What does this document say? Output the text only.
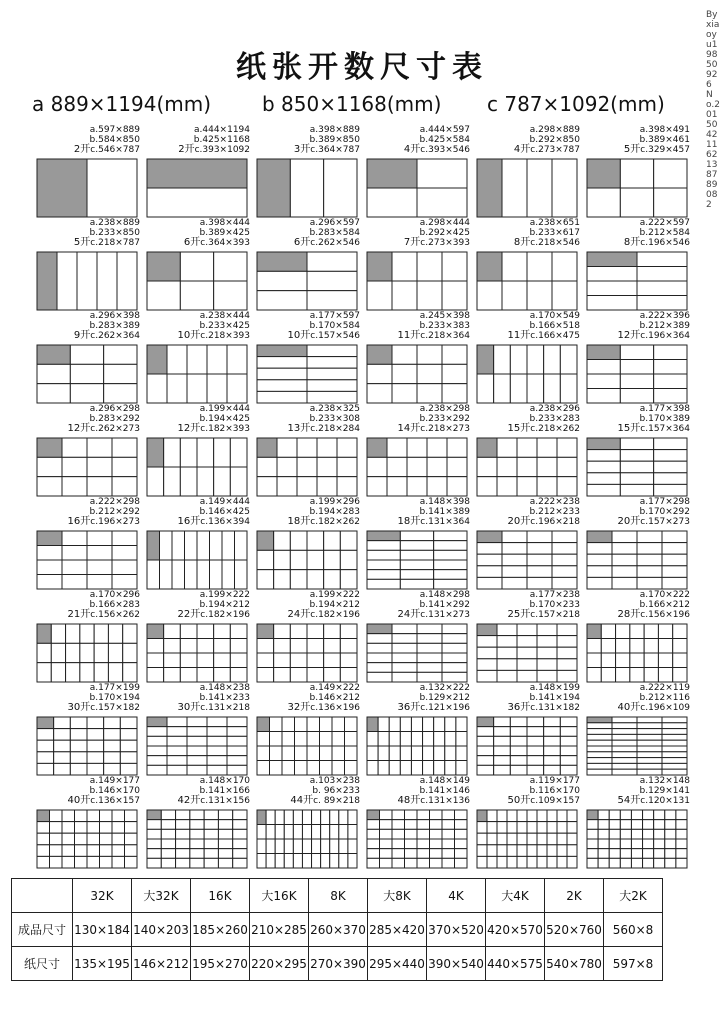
纸张开数尺寸表
a 889×1194(mm)	b 850×1168(mm) c 787×1092(mm)
Byxiaoyu19850926 No.20150421162138789082
a.597×889
b.584×850
2开c.546×787
a.444×1194
b.425×1168
2开c.393×1092
a.398×889
b.389×850
3开c.364×787
a.444×597
b.425×584
4开c.393×546
a.298×889
b.292×850
4开c.273×787
a.398×491
b.389×461
5开c.329×457
a.238×889
b.233×850
5开c.218×787
a.398×444
b.389×425
6开c.364×393
a.296×597
b.283×584
6开c.262×546
a.298×444
b.292×425
7开c.273×393
a.238×651
b.233×617
8开c.218×546
a.222×597
b.212×584
8开c.196×546
a.296×398
b.283×389
9开c.262×364
a.238×444
b.233×425
10开c.218×393
a.177×597
b.170×584
10开c.157×546
a.245×398
b.233×383
11开c.218×364
a.170×549
b.166×518
11开c.166×475
a.222×396
b.212×389
12开c.196×364
a.296×298
b.283×292
12开c.262×273
a.199×444
b.194×425
12开c.182×393
a.238×325
b.233×308
13开c.218×284
a.238×298
b.233×292
14开c.218×273
a.238×296
b.233×283
15开c.218×262
a.177×398
b.170×389
15开c.157×364
a.222×298
b.212×292
16开c.196×273
a.149×444
b.146×425
16开c.136×394
a.199×296
b.194×283
18开c.182×262
a.148×398
b.141×389
18开c.131×364
a.222×238
b.212×233
20开c.196×218
a.177×298
b.170×292
20开c.157×273
a.170×296
b.166×283
21开c.156×262
a.199×222
b.194×212
22开c.182×196
a.199×222
b.194×212
24开c.182×196
a.148×298
b.141×292
24开c.131×273
a.177×238
b.170×233
25开c.157×218
a.170×222
b.166×212
28开c.156×196
a.177×199
b.170×194
30开c.157×182
a.148×238
b.141×233
30开c.131×218
a.149×222
b.146×212
32开c.136×196
a.132×222
b.129×212
36开c.121×196
a.148×199
b.141×194
36开c.131×182
a.222×119
b.212×116
40开c.196×109
a.149×177
b.146×170
40开c.136×157
a.148×170
b.141×166
42开c.131×156
a.103×238
b. 96×233
44开c. 89×218
a.148×149
b.141×146
48开c.131×136
a.119×177
b.116×170
50开c.109×157
a.132×148
b.129×141
54开c.120×131
	32K	大32K	16K	大16K	8K	大8K	4K	大4K	2K	大2K
成品尺寸	130×184	140×203	185×260	210×285	260×370	285×420	370×520	420×570	520×760	560×8
纸尺寸	135×195	146×212	195×270	220×295	270×390	295×440	390×540	440×575	540×780	597×8
